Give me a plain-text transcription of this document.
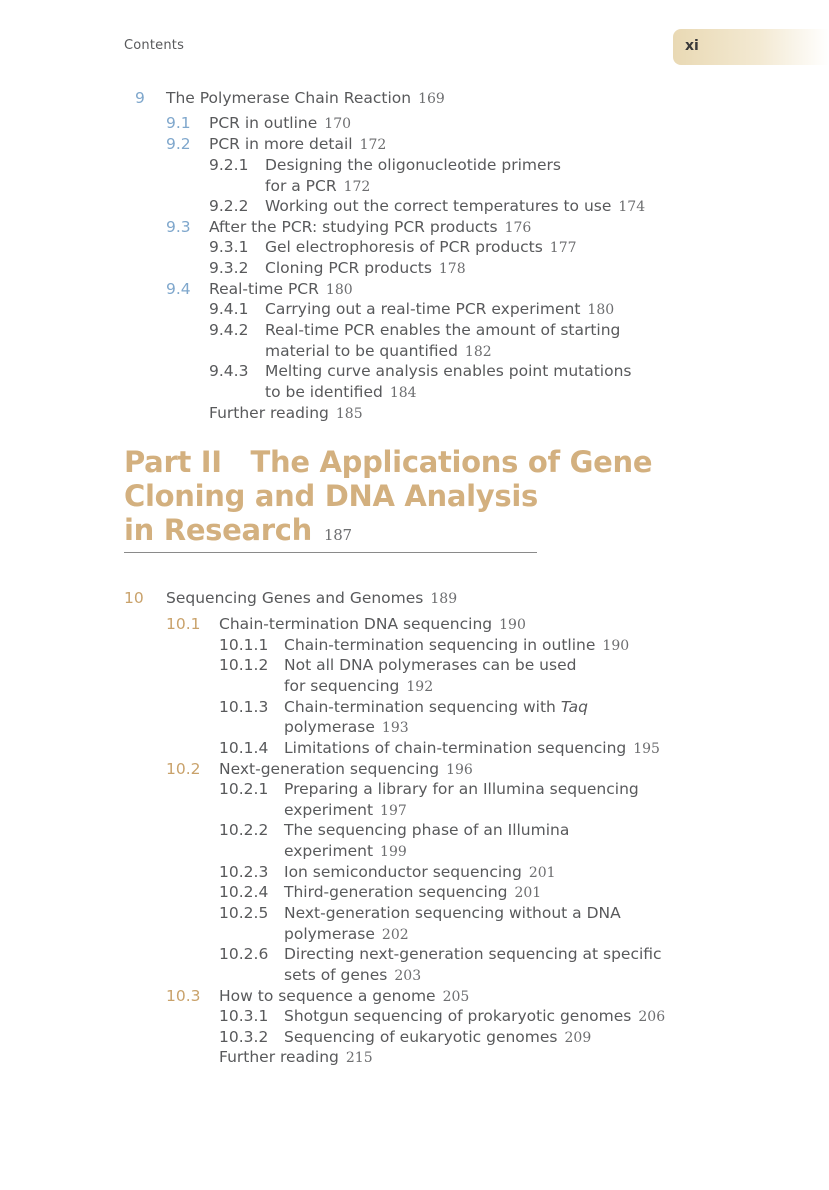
Contents	xi
9 The Polymerase Chain Reaction 169
9.1 PCR in outline 170
9.2 PCR in more detail 172
9.2.1 Designing the oligonucleotide primers
for a PCR 172
9.2.2 Working out the correct temperatures to use 174
9.3 After the PCR: studying PCR products 176
9.3.1 Gel electrophoresis of PCR products 177
9.3.2 Cloning PCR products 178
9.4 Real-time PCR 180
9.4.1 Carrying out a real-time PCR experiment 180
9.4.2 Real-time PCR enables the amount of starting
material to be quantified 182
9.4.3 Melting curve analysis enables point mutations
to be identified 184
Further reading 185
Part II The Applications of Gene
Cloning and DNA Analysis
in Research 187
10 Sequencing Genes and Genomes 189
10.1 Chain-termination DNA sequencing 190
10.1.1 Chain-termination sequencing in outline 190
10.1.2 Not all DNA polymerases can be used
for sequencing 192
10.1.3 Chain-termination sequencing with Taq
polymerase 193
10.1.4 Limitations of chain-termination sequencing 195
10.2 Next-generation sequencing 196
10.2.1 Preparing a library for an Illumina sequencing
experiment 197
10.2.2 The sequencing phase of an Illumina
experiment 199
10.2.3 Ion semiconductor sequencing 201
10.2.4 Third-generation sequencing 201
10.2.5 Next-generation sequencing without a DNA
polymerase 202
10.2.6 Directing next-generation sequencing at specific
sets of genes 203
10.3 How to sequence a genome 205
10.3.1 Shotgun sequencing of prokaryotic genomes 206
10.3.2 Sequencing of eukaryotic genomes 209
Further reading 215
